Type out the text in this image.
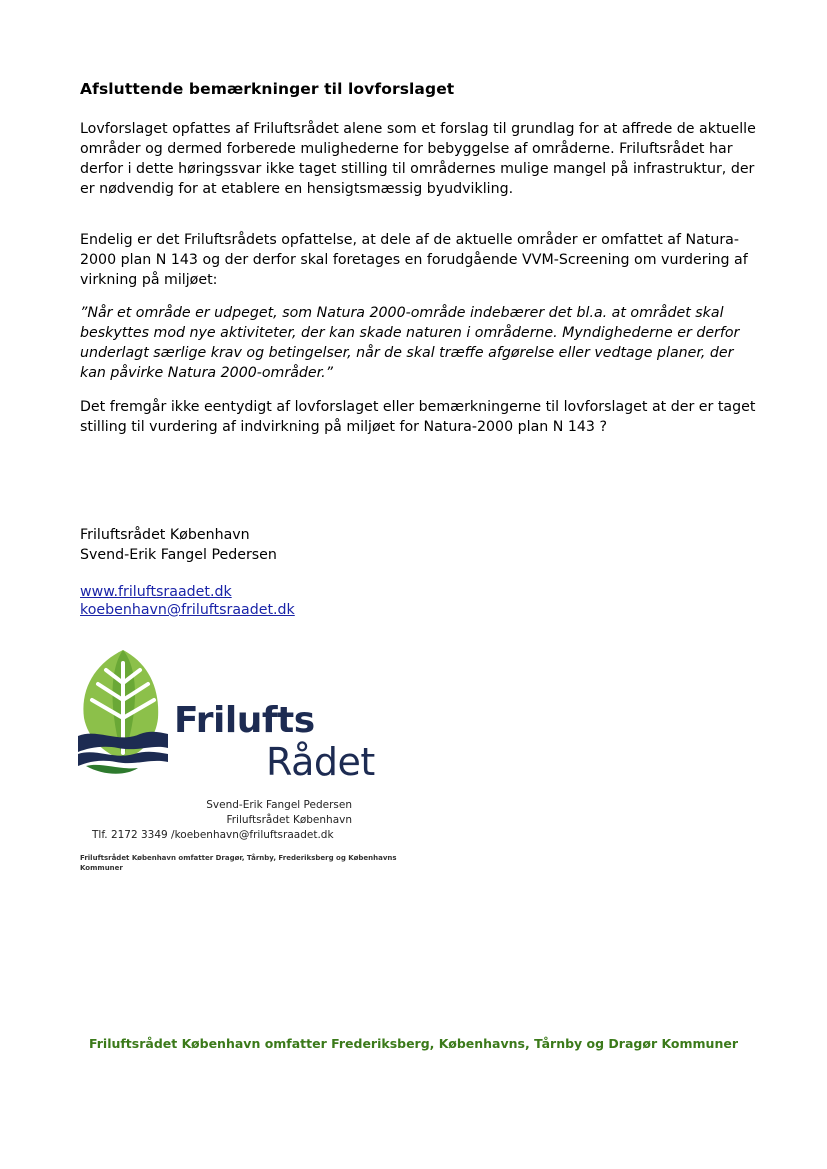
Afsluttende bemærkninger til lovforslaget

Lovforslaget opfattes af Friluftsrådet alene som et forslag til grundlag for at affrede de aktuelle områder og dermed forberede mulighederne for bebyggelse af områderne. Friluftsrådet har derfor i dette høringssvar ikke taget stilling til områdernes mulige mangel på infrastruktur, der er nødvendig for at etablere en hensigtsmæssig byudvikling.

Endelig er det Friluftsrådets opfattelse, at dele af de aktuelle områder er omfattet af Natura-2000 plan N 143 og der derfor skal foretages en forudgående VVM-Screening om vurdering af virkning på miljøet:

”Når et område er udpeget, som Natura 2000-område indebærer det bl.a. at området skal beskyttes mod nye aktiviteter, der kan skade naturen i områderne. Myndighederne er derfor underlagt særlige krav og betingelser, når de skal træffe afgørelse eller vedtage planer, der kan påvirke Natura 2000-områder.”

Det fremgår ikke eentydigt af lovforslaget eller bemærkningerne til lovforslaget at der er taget stilling til vurdering af indvirkning på miljøet for Natura-2000 plan N 143 ?

Friluftsrådet København
Svend-Erik Fangel Pedersen
www.friluftsraadet.dk
koebenhavn@friluftsraadet.dk
Frilufts
Rådet
Svend-Erik Fangel Pedersen
Friluftsrådet København
Tlf. 2172 3349 /koebenhavn@friluftsraadet.dk
Friluftsrådet København omfatter Dragør, Tårnby, Frederiksberg og Københavns Kommuner
Friluftsrådet København omfatter Frederiksberg, Københavns, Tårnby og Dragør Kommuner
